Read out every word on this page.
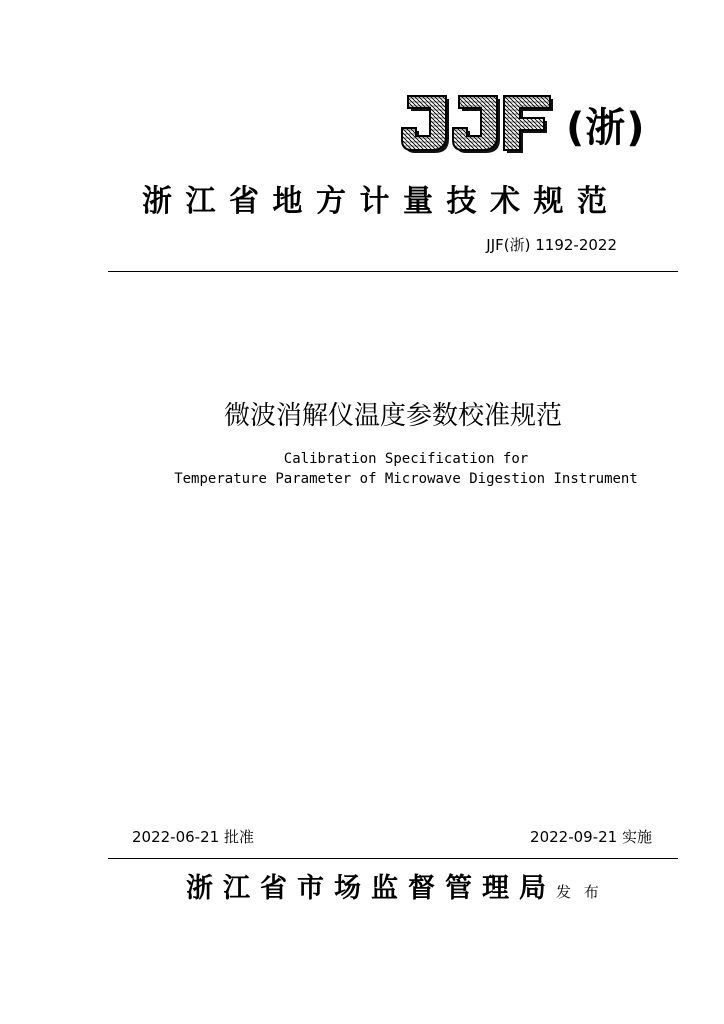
(浙)
浙江省地方计量技术规范
JJF(浙) 1192-2022
微波消解仪温度参数校准规范
Calibration Specification for
Temperature Parameter of Microwave Digestion Instrument
2022-06-21 批准	2022-09-21 实施
浙江省市场监督管理局发 布
